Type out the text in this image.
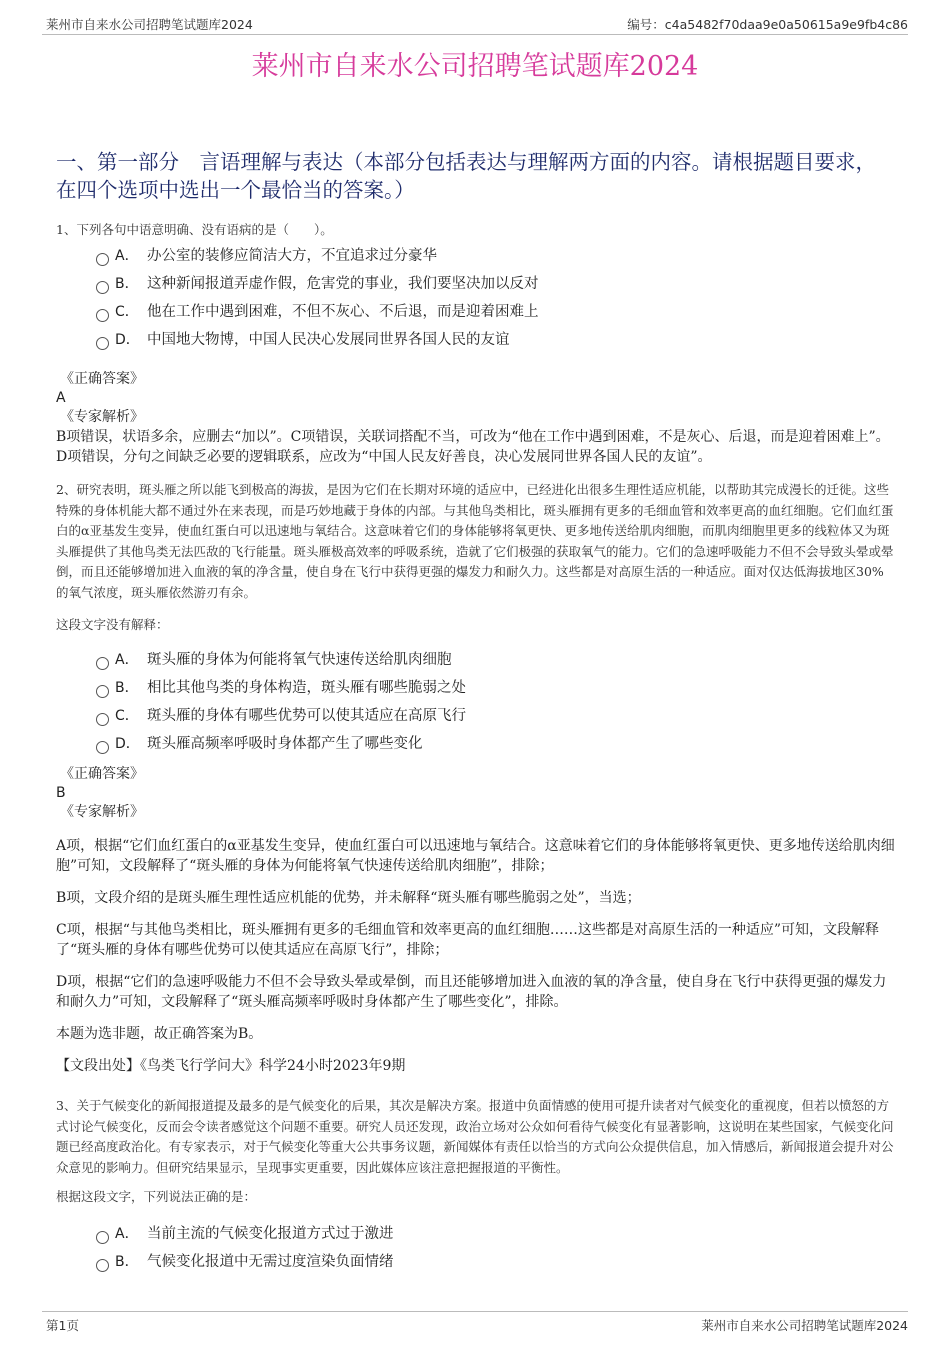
莱州市自来水公司招聘笔试题库2024	编号：c4a5482f70daa9e0a50615a9e9fb4c86
莱州市自来水公司招聘笔试题库2024
一、第一部分　言语理解与表达（本部分包括表达与理解两方面的内容。请根据题目要求，在四个选项中选出一个最恰当的答案。）
1、下列各句中语意明确、没有语病的是（　　）。
A． 办公室的装修应简洁大方，不宜追求过分豪华
B． 这种新闻报道弄虚作假，危害党的事业，我们要坚决加以反对
C． 他在工作中遇到困难，不但不灰心、不后退，而是迎着困难上
D． 中国地大物博，中国人民决心发展同世界各国人民的友谊
《正确答案》
A
《专家解析》
B项错误，状语多余，应删去“加以”。C项错误，关联词搭配不当，可改为“他在工作中遇到困难，不是灰心、后退，而是迎着困难上”。D项错误，分句之间缺乏必要的逻辑联系，应改为“中国人民友好善良，决心发展同世界各国人民的友谊”。
2、研究表明，斑头雁之所以能飞到极高的海拔，是因为它们在长期对环境的适应中，已经进化出很多生理性适应机能，以帮助其完成漫长的迁徙。这些特殊的身体机能大都不通过外在来表现，而是巧妙地藏于身体的内部。与其他鸟类相比，斑头雁拥有更多的毛细血管和效率更高的血红细胞。它们血红蛋白的α亚基发生变异，使血红蛋白可以迅速地与氧结合。这意味着它们的身体能够将氧更快、更多地传送给肌肉细胞，而肌肉细胞里更多的线粒体又为斑头雁提供了其他鸟类无法匹敌的飞行能量。斑头雁极高效率的呼吸系统，造就了它们极强的获取氧气的能力。它们的急速呼吸能力不但不会导致头晕或晕倒，而且还能够增加进入血液的氧的净含量，使自身在飞行中获得更强的爆发力和耐久力。这些都是对高原生活的一种适应。面对仅达低海拔地区30%的氧气浓度，斑头雁依然游刃有余。
这段文字没有解释：
A． 斑头雁的身体为何能将氧气快速传送给肌肉细胞
B． 相比其他鸟类的身体构造，斑头雁有哪些脆弱之处
C． 斑头雁的身体有哪些优势可以使其适应在高原飞行
D． 斑头雁高频率呼吸时身体都产生了哪些变化
《正确答案》
B
《专家解析》

A项，根据“它们血红蛋白的α亚基发生变异，使血红蛋白可以迅速地与氧结合。这意味着它们的身体能够将氧更快、更多地传送给肌肉细胞”可知，文段解释了“斑头雁的身体为何能将氧气快速传送给肌肉细胞”，排除；

B项，文段介绍的是斑头雁生理性适应机能的优势，并未解释“斑头雁有哪些脆弱之处”，当选；

C项，根据“与其他鸟类相比，斑头雁拥有更多的毛细血管和效率更高的血红细胞……这些都是对高原生活的一种适应”可知，文段解释了“斑头雁的身体有哪些优势可以使其适应在高原飞行”，排除；

D项，根据“它们的急速呼吸能力不但不会导致头晕或晕倒，而且还能够增加进入血液的氧的净含量，使自身在飞行中获得更强的爆发力和耐久力”可知，文段解释了“斑头雁高频率呼吸时身体都产生了哪些变化”，排除。

本题为选非题，故正确答案为B。

【文段出处】《鸟类飞行学问大》科学24小时2023年9期

3、关于气候变化的新闻报道提及最多的是气候变化的后果，其次是解决方案。报道中负面情感的使用可提升读者对气候变化的重视度，但若以愤怒的方式讨论气候变化，反而会令读者感觉这个问题不重要。研究人员还发现，政治立场对公众如何看待气候变化有显著影响，这说明在某些国家，气候变化问题已经高度政治化。有专家表示，对于气候变化等重大公共事务议题，新闻媒体有责任以恰当的方式向公众提供信息，加入情感后，新闻报道会提升对公众意见的影响力。但研究结果显示，呈现事实更重要，因此媒体应该注意把握报道的平衡性。
根据这段文字，下列说法正确的是：
A． 当前主流的气候变化报道方式过于激进
B． 气候变化报道中无需过度渲染负面情绪
第1页	莱州市自来水公司招聘笔试题库2024
